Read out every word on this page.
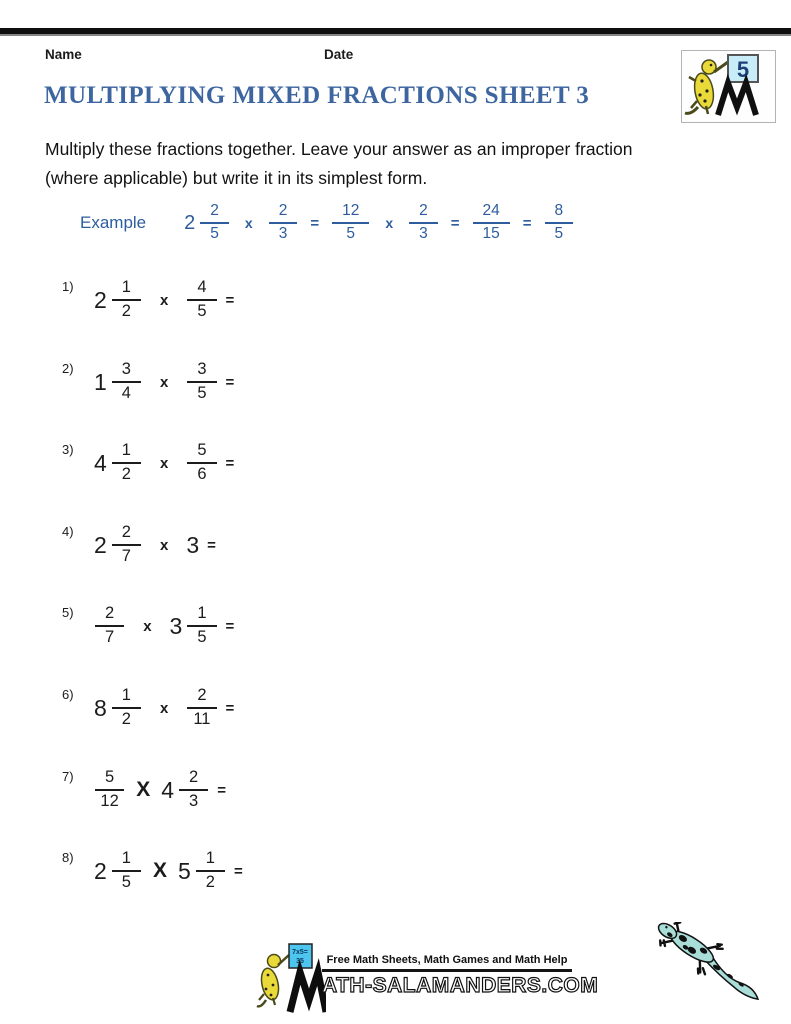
Name	Date
5
MULTIPLYING MIXED FRACTIONS SHEET 3

Multiply these fractions together. Leave your answer as an improper fraction

(where applicable) but write it in its simplest form.

Example $2 \frac{2}{5}$ x $\frac{2}{3} = \frac{12}{5}$ x $\frac{2}{3} = \frac{24}{15} = \frac{8}{5}$
1) $2 \frac{1}{2}$ x $\frac{4}{5}$ =
2) $1 \frac{3}{4}$ x $\frac{3}{5}$ =
3) $4 \frac{1}{2}$ x $\frac{5}{6}$ =
4) $2 \frac{2}{7}$ x 3 =
5)	$\frac{2}{7}$ x $3 \frac{1}{5}$ =
6) $8 \frac{1}{2}$ x $\frac{2}{11}$ =
7)	$\frac{5}{12}$ X $4 \frac{2}{3}$ =
8) $2 \frac{1}{5}$ X $5 \frac{1}{2}$ =
7x5=
35	Free Math Sheets, Math Games and Math Help
ATH-SALAMANDERS.COM
